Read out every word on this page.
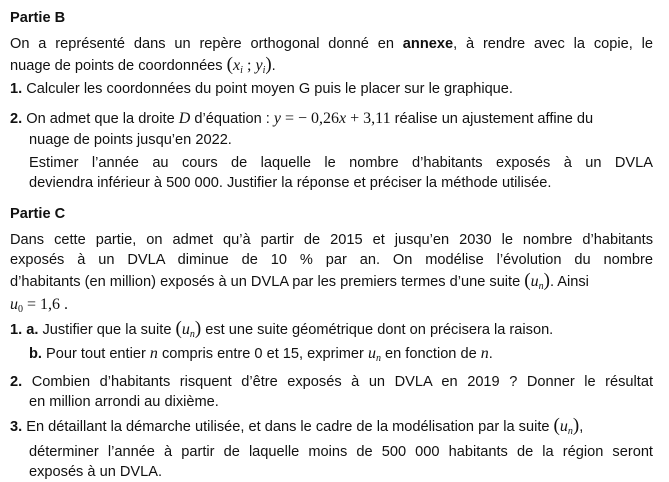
Partie B
On a représenté dans un repère orthogonal donné en annexe, à rendre avec la copie, le
nuage de points de coordonnées ($x_i$ ; $y_i$).
1. Calculer les coordonnées du point moyen G puis le placer sur le graphique.
2. On admet que la droite D d’équation : y = − 0,26x + 3,11 réalise un ajustement affine du
nuage de points jusqu’en 2022.
Estimer l’année au cours de laquelle le nombre d’habitants exposés à un DVLA
deviendra inférieur à 500 000. Justifier la réponse et préciser la méthode utilisée.
Partie C
Dans cette partie, on admet qu’à partir de 2015 et jusqu’en 2030 le nombre d’habitants
exposés à un DVLA diminue de 10 % par an. On modélise l’évolution du nombre
d’habitants (en million) exposés à un DVLA par les premiers termes d’une suite $(u_n)$. Ainsi
$u_0 = 1,6$ .
1. a. Justifier que la suite $(u_n)$ est une suite géométrique dont on précisera la raison.
b. Pour tout entier n compris entre 0 et 15, exprimer $u_n$ en fonction de n.
2. Combien d’habitants risquent d’être exposés à un DVLA en 2019 ? Donner le résultat
en million arrondi au dixième.
3. En détaillant la démarche utilisée, et dans le cadre de la modélisation par la suite $(u_n)$,
déterminer l’année à partir de laquelle moins de 500 000 habitants de la région seront
exposés à un DVLA.
